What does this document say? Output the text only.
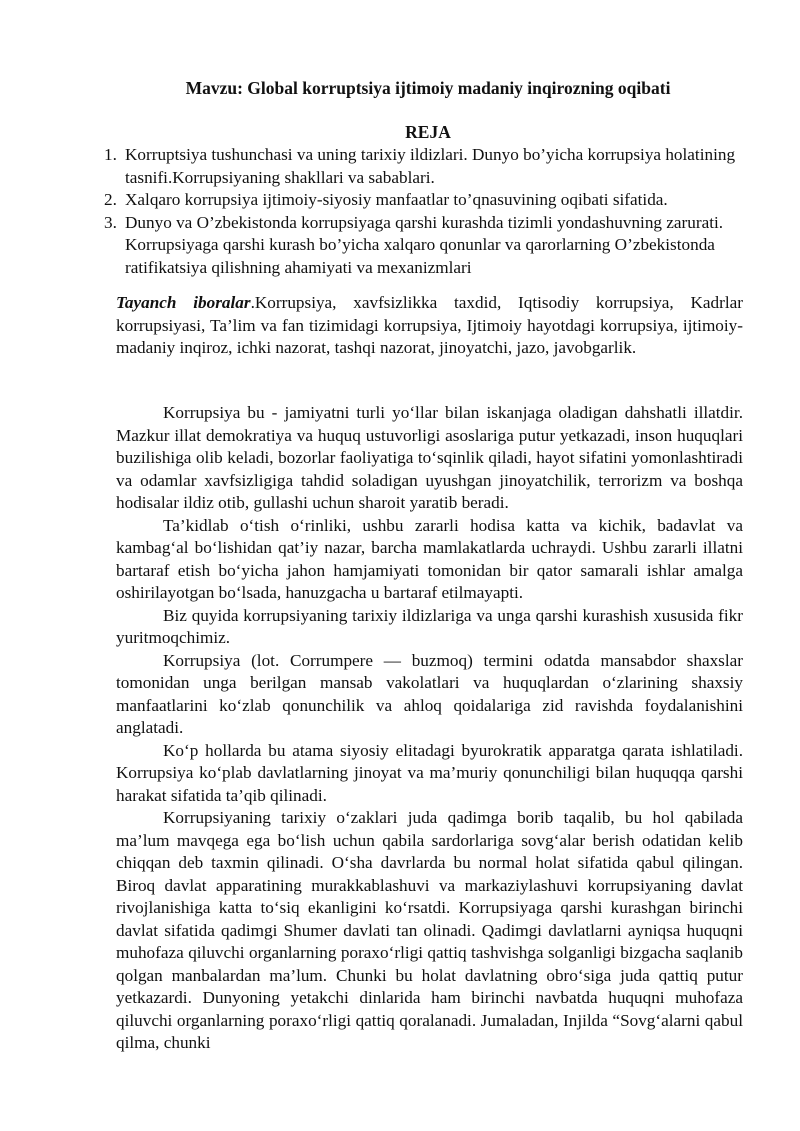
Mavzu: Global korruptsiya ijtimoiy madaniy inqirozning oqibati
REJA
1. Korruptsiya tushunchasi va uning tarixiy ildizlari. Dunyo bo’yicha korrupsiya holatining tasnifi.Korrupsiyaning shakllari va sabablari.
2. Xalqaro korrupsiya ijtimoiy-siyosiy manfaatlar to’qnasuvining oqibati sifatida.
3. Dunyo va O’zbekistonda korrupsiyaga qarshi kurashda tizimli yondashuvning zarurati. Korrupsiyaga qarshi kurash bo’yicha xalqaro qonunlar va qarorlarning O’zbekistonda ratifikatsiya qilishning ahamiyati va mexanizmlari

Tayanch iboralar.Korrupsiya, xavfsizlikka taxdid, Iqtisodiy korrupsiya, Kadrlar korrupsiyasi, Ta’lim va fan tizimidagi korrupsiya, Ijtimoiy hayotdagi korrupsiya, ijtimoiy-madaniy inqiroz, ichki nazorat, tashqi nazorat, jinoyatchi, jazo, javobgarlik.

Korrupsiya bu - jamiyatni turli yo‘llar bilan iskanjaga oladigan dahshatli illatdir. Mazkur illat demokratiya va huquq ustuvorligi asoslariga putur yetkazadi, inson huquqlari buzilishiga olib keladi, bozorlar faoliyatiga to‘sqinlik qiladi, hayot sifatini yomonlashtiradi va odamlar xavfsizligiga tahdid soladigan uyushgan jinoyatchilik, terrorizm va boshqa hodisalar ildiz otib, gullashi uchun sharoit yaratib beradi.

Ta’kidlab o‘tish o‘rinliki, ushbu zararli hodisa katta va kichik, badavlat va kambag‘al bo‘lishidan qat’iy nazar, barcha mamlakatlarda uchraydi. Ushbu zararli illatni bartaraf etish bo‘yicha jahon hamjamiyati tomonidan bir qator samarali ishlar amalga oshirilayotgan bo‘lsada, hanuzgacha u bartaraf etilmayapti.

Biz quyida korrupsiyaning tarixiy ildizlariga va unga qarshi kurashish xususida fikr yuritmoqchimiz.

Korrupsiya (lot. Corrumpere — buzmoq) termini odatda mansabdor shaxslar tomonidan unga berilgan mansab vakolatlari va huquqlardan o‘zlarining shaxsiy manfaatlarini ko‘zlab qonunchilik va ahloq qoidalariga zid ravishda foydalanishini anglatadi.

Ko‘p hollarda bu atama siyosiy elitadagi byurokratik apparatga qarata ishlatiladi. Korrupsiya ko‘plab davlatlarning jinoyat va ma’muriy qonunchiligi bilan huquqqa qarshi harakat sifatida ta’qib qilinadi.

Korrupsiyaning tarixiy o‘zaklari juda qadimga borib taqalib, bu hol qabilada ma’lum mavqega ega bo‘lish uchun qabila sardorlariga sovg‘alar berish odatidan kelib chiqqan deb taxmin qilinadi. O‘sha davrlarda bu normal holat sifatida qabul qilingan. Biroq davlat apparatining murakkablashuvi va markaziylashuvi korrupsiyaning davlat rivojlanishiga katta to‘siq ekanligini ko‘rsatdi. Korrupsiyaga qarshi kurashgan birinchi davlat sifatida qadimgi Shumer davlati tan olinadi. Qadimgi davlatlarni ayniqsa huquqni muhofaza qiluvchi organlarning poraxo‘rligi qattiq tashvishga solganligi bizgacha saqlanib qolgan manbalardan ma’lum. Chunki bu holat davlatning obro‘siga juda qattiq putur yetkazardi. Dunyoning yetakchi dinlarida ham birinchi navbatda huquqni muhofaza qiluvchi organlarning poraxo‘rligi qattiq qoralanadi. Jumaladan, Injilda “Sovg‘alarni qabul qilma, chunki
